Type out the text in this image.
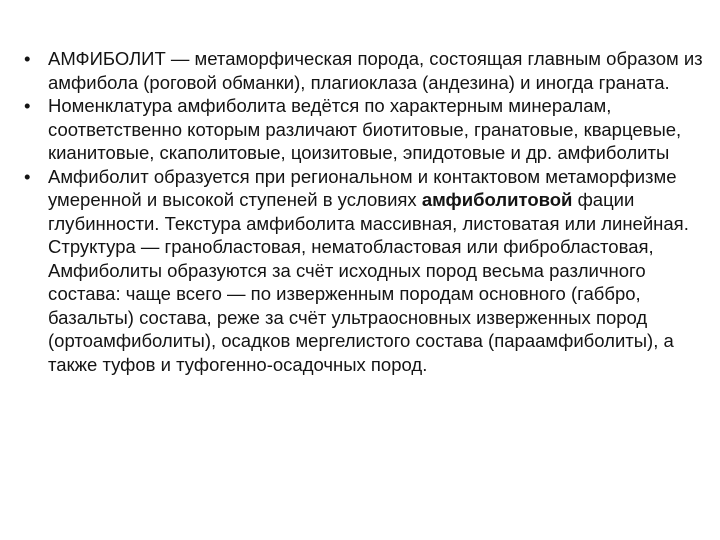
• АМФИБОЛИТ — метаморфическая порода, состоящая главным образом из амфибола (роговой обманки), плагиоклаза (андезина) и иногда граната.
• Номенклатура амфиболита ведётся по характерным минералам, соответственно которым различают биотитовые, гранатовые, кварцевые, кианитовые, скаполитовые, цоизитовые, эпидотовые и др. амфиболиты
• Амфиболит образуется при региональном и контактовом метаморфизме умеренной и высокой ступеней в условиях амфиболитовой фации глубинности. Текстура амфиболита массивная, листоватая или линейная. Структура — гранобластовая, нематобластовая или фибробластовая, Амфиболиты образуются за счёт исходных пород весьма различного состава: чаще всего — по изверженным породам основного (габбро, базальты) состава, реже за счёт ультраосновных изверженных пород (ортоамфиболиты), осадков мергелистого состава (парaамфиболиты), а также туфов и туфогенно-осадочных пород.
